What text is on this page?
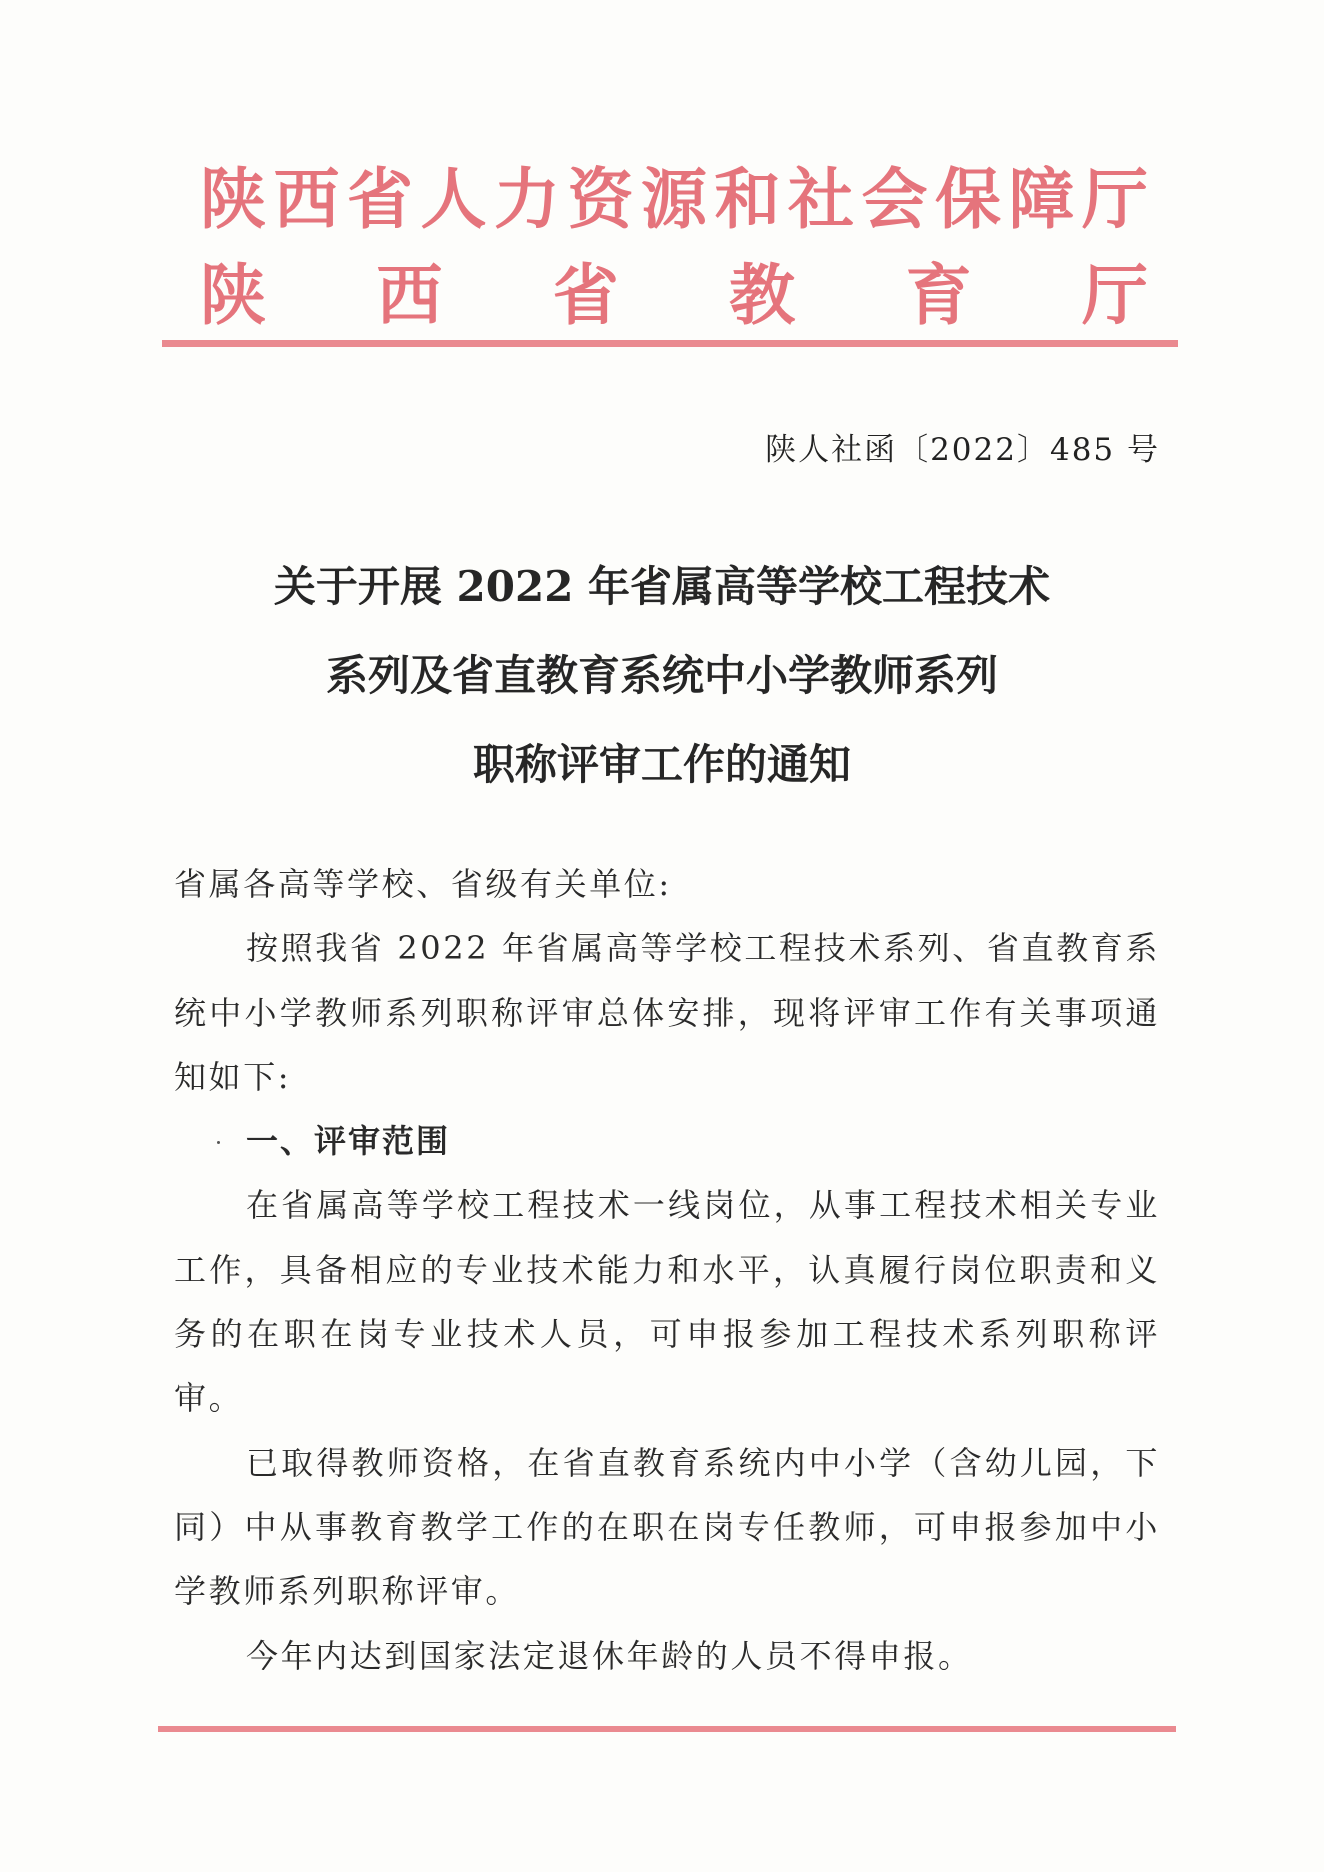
陕 西 省 人 力 资 源 和 社 会 保 障 厅
陕 西 省 教 育 厅
陕人社函〔2022〕485 号
关于开展 2022 年省属高等学校工程技术
系列及省直教育系统中小学教师系列
职称评审工作的通知

省属各高等学校、省级有关单位:

按照我省 2022 年省属高等学校工程技术系列、省直教育系统中小学教师系列职称评审总体安排，现将评审工作有关事项通知如下:

一、评审范围

在省属高等学校工程技术一线岗位，从事工程技术相关专业工作，具备相应的专业技术能力和水平，认真履行岗位职责和义务的在职在岗专业技术人员，可申报参加工程技术系列职称评审。

已取得教师资格，在省直教育系统内中小学（含幼儿园，下同）中从事教育教学工作的在职在岗专任教师，可申报参加中小学教师系列职称评审。

今年内达到国家法定退休年龄的人员不得申报。
